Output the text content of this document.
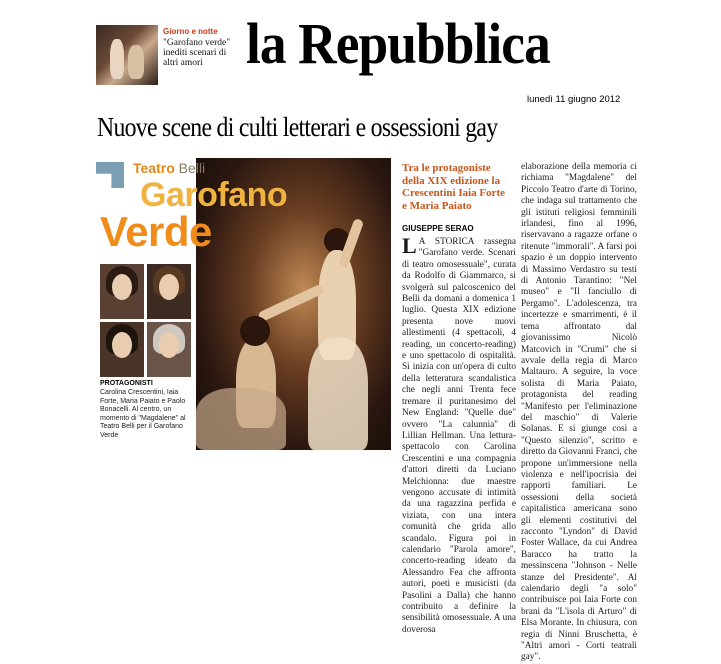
Giorno e notte
"Garofano verde" inediti scenari di altri amori la Repubblica
lunedì 11 giugno 2012
Nuove scene di culti letterari e ossessioni gay
Teatro Belli
Garofano
Verde
PROTAGONISTI
Carolina Crescentini, Iaia Forte, Maria Paiato e Paolo Bonacelli. Al centro, un momento di "Magdalene" al Teatro Belli per il Garofano Verde
Tra le protagoniste della XIX edizione la Crescentini Iaia Forte e Maria Paiato
GIUSEPPE SERAO

L A STORICA rassegna "Garofano verde. Scenari di teatro omosessuale", curata da Rodolfo di Giammarco, si svolgerà sul palcoscenico del Belli da domani a domenica 1 luglio. Questa XIX edizione presenta nove nuovi allestimenti (4 spettacoli, 4 reading, un concerto-reading) e uno spettacolo di ospitalità. Si inizia con un'opera di culto della letteratura scandalistica che negli anni Trenta fece tremare il puritanesimo del New England: "Quelle due" ovvero "La calunnia" di Lillian Hellman. Una lettura-spettacolo con Carolina Crescentini e una compagnia d'attori diretti da Luciano Melchionna: due maestre vengono accusate di intimità da una ragazzina perfida e viziata, con una intera comunità che grida allo scandalo. Figura poi in calendario "Parola amore", concerto-reading ideato da Alessandro Fea che affronta autori, poeti e musicisti (da Pasolini a Dalla) che hanno contribuito a definire la sensibilità omosessuale. A una doverosa

elaborazione della memoria ci richiama "Magdalene" del Piccolo Teatro d'arte di Torino, che indaga sul trattamento che gli istituti religiosi femminili irlandesi, fino al 1996, riservavano a ragazze orfane o ritenute "immorali". A farsi poi spazio è un doppio intervento di Massimo Verdastro su testi di Antonio Tarantino: "Nel museo" e "Il fanciullo di Pergamo". L'adolescenza, tra incertezze e smarrimenti, è il tema affrontato dal giovanissimo Nicolò Matcovich in "Crumi" che si avvale della regia di Marco Maltauro. A seguire, la voce solista di Maria Paiato, protagonista del reading "Manifesto per l'eliminazione del maschio" di Valerie Solanas. E si giunge così a "Questo silenzio", scritto e diretto da Giovanni Franci, che propone un'immersione nella violenza e nell'ipocrisia dei rapporti familiari. Le ossessioni della società capitalistica americana sono gli elementi costitutivi del racconto "Lyndon" di David Foster Wallace, da cui Andrea Baracco ha tratto la messinscena "Johnson - Nelle stanze del Presidente". Al calendario degli "a solo" contribuisce poi Iaia Forte con brani da "L'isola di Arturo" di Elsa Morante. In chiusura, con regia di Ninni Bruschetta, è "Altri amori - Corti teatrali gay".
